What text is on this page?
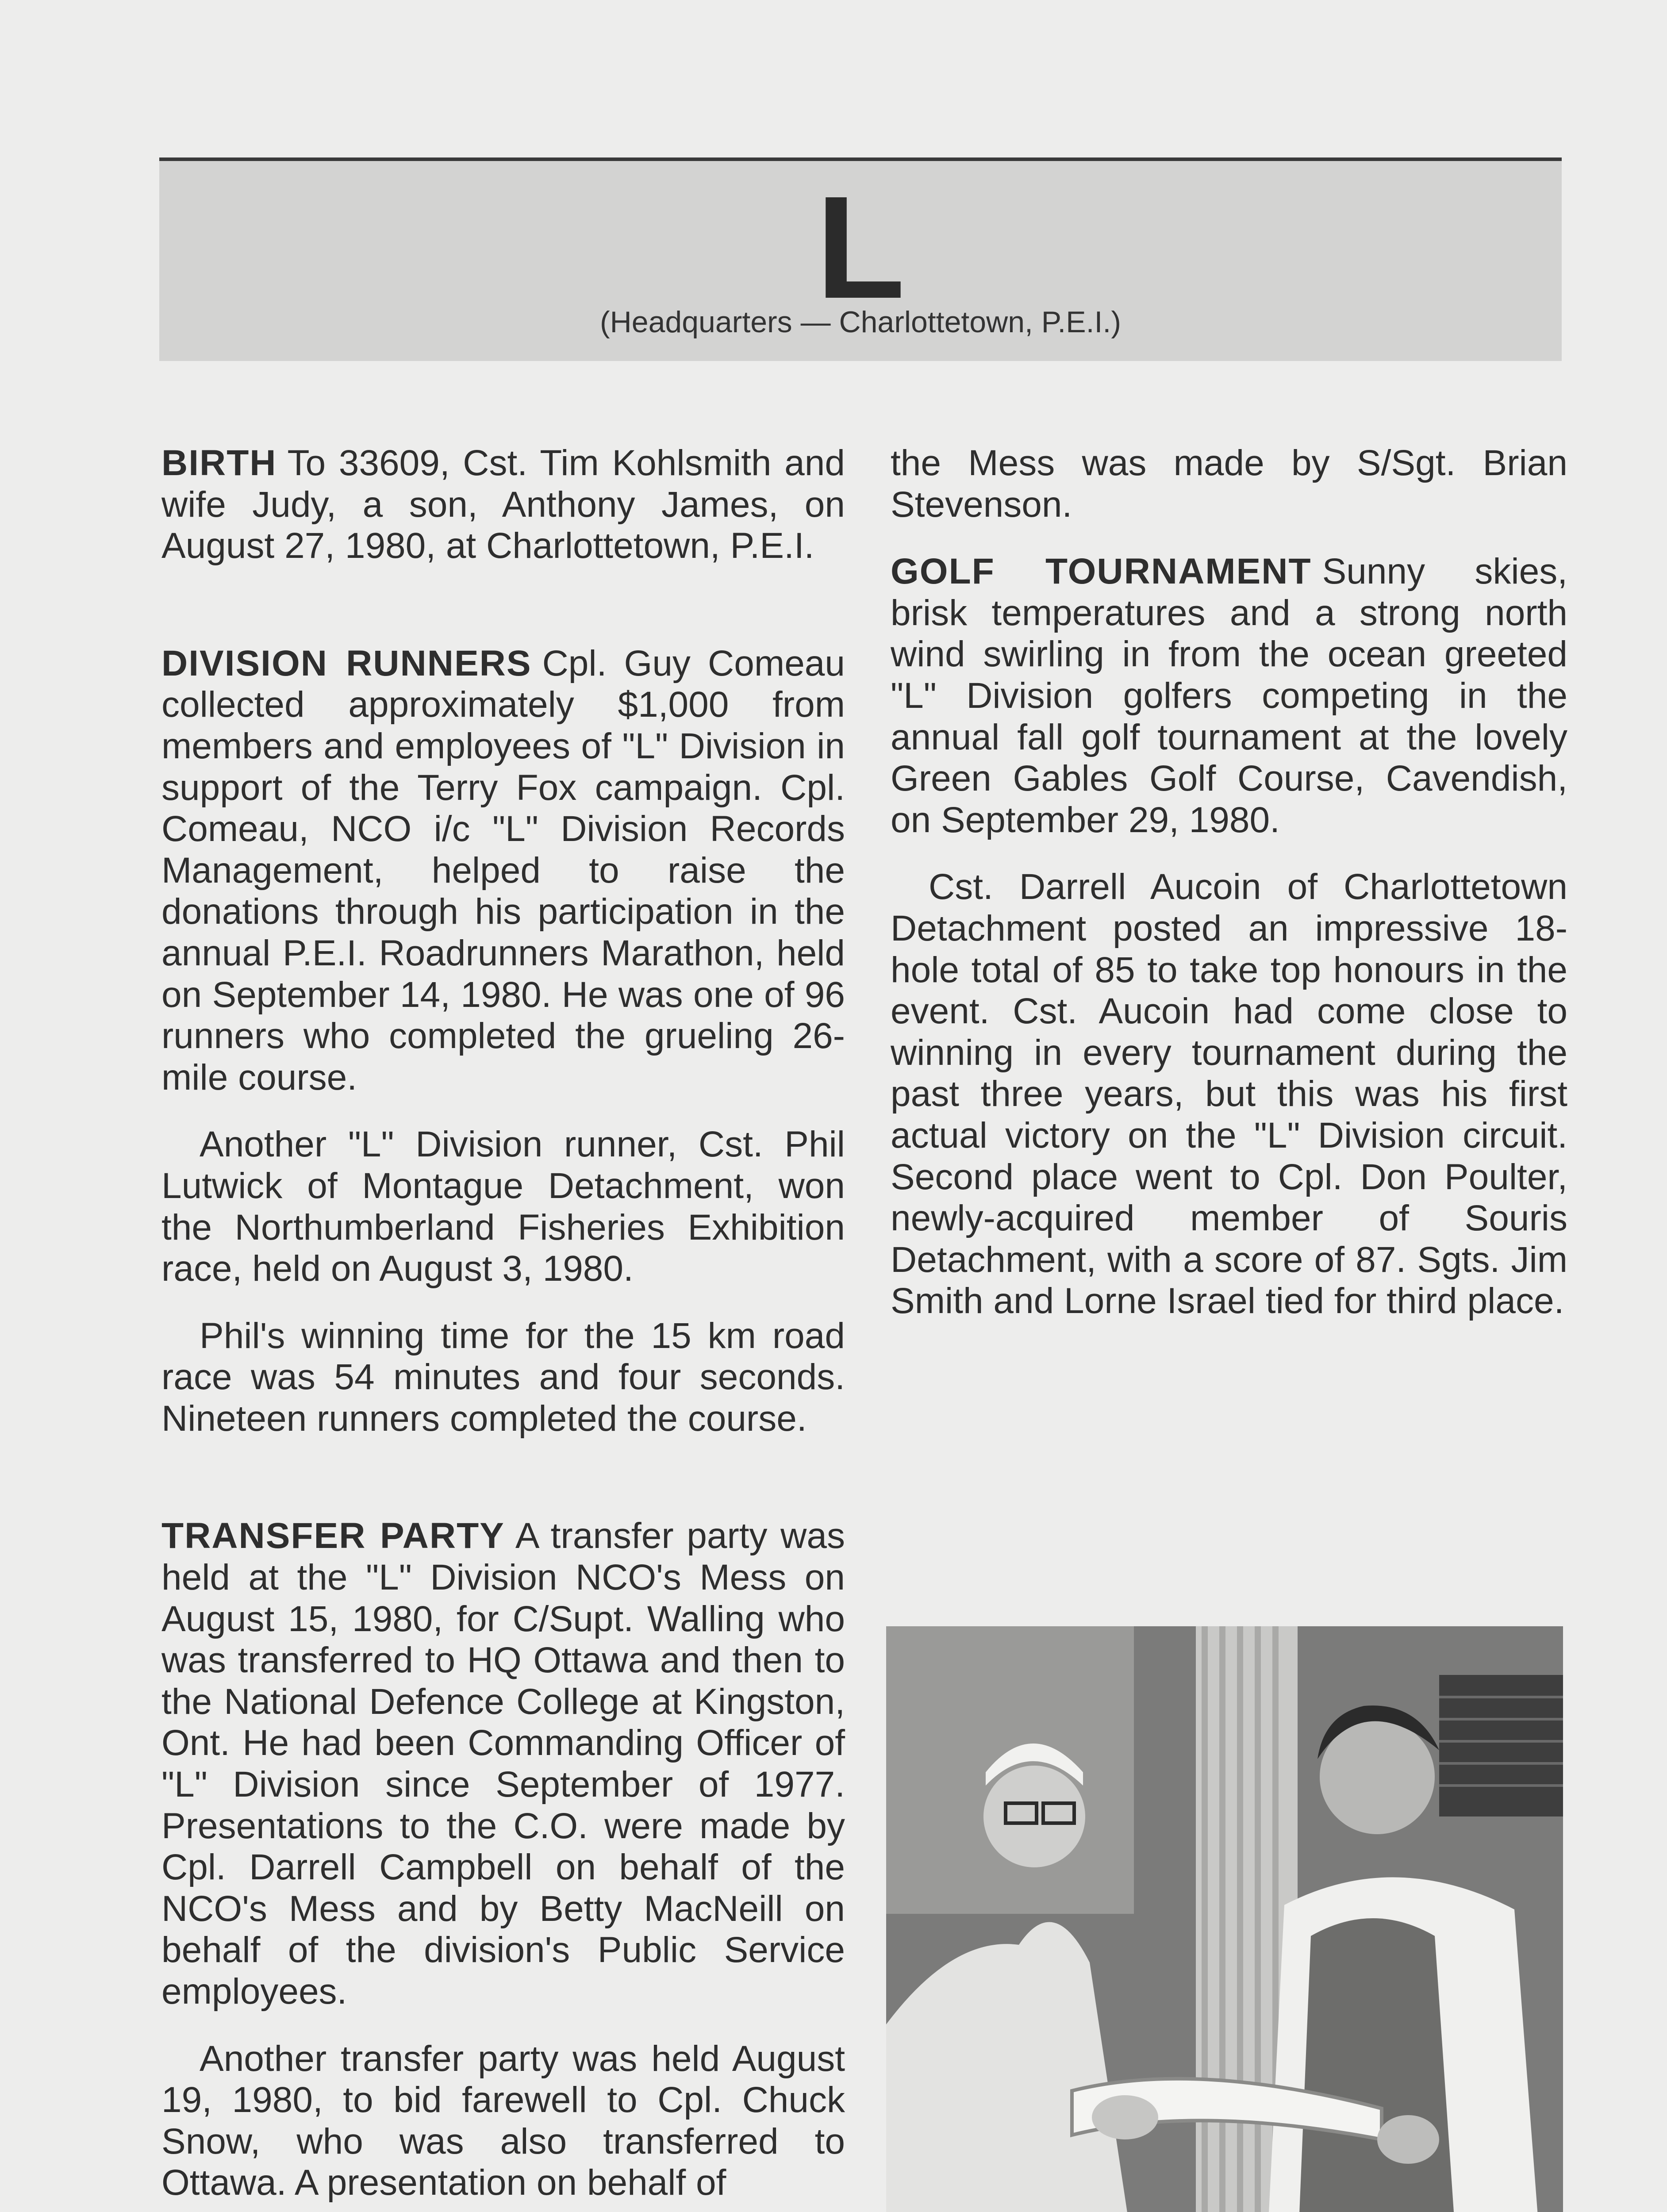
L
(Headquarters — Charlottetown, P.E.I.)

BIRTH To 33609, Cst. Tim Kohlsmith and wife Judy, a son, Anthony James, on August 27, 1980, at Charlottetown, P.E.I.

DIVISION RUNNERS Cpl. Guy Comeau collected approximately $1,000 from members and employees of "L" Division in support of the Terry Fox campaign. Cpl. Comeau, NCO i/c "L" Division Records Management, helped to raise the donations through his participation in the annual P.E.I. Roadrunners Marathon, held on September 14, 1980. He was one of 96 runners who completed the grueling 26-mile course.

Another "L" Division runner, Cst. Phil Lutwick of Montague Detachment, won the Northumberland Fisheries Exhibition race, held on August 3, 1980.

Phil's winning time for the 15 km road race was 54 minutes and four seconds. Nineteen runners completed the course.

TRANSFER PARTY A transfer party was held at the "L" Division NCO's Mess on August 15, 1980, for C/Supt. Walling who was transferred to HQ Ottawa and then to the National Defence College at Kingston, Ont. He had been Commanding Officer of "L" Division since September of 1977. Presentations to the C.O. were made by Cpl. Darrell Campbell on behalf of the NCO's Mess and by Betty MacNeill on behalf of the division's Public Service employees.

Another transfer party was held August 19, 1980, to bid farewell to Cpl. Chuck Snow, who was also transferred to Ottawa. A presentation on behalf of

the Mess was made by S/Sgt. Brian Stevenson.

GOLF TOURNAMENT Sunny skies, brisk temperatures and a strong north wind swirling in from the ocean greeted "L" Division golfers competing in the annual fall golf tournament at the lovely Green Gables Golf Course, Cavendish, on September 29, 1980.

Cst. Darrell Aucoin of Charlottetown Detachment posted an impressive 18-hole total of 85 to take top honours in the event. Cst. Aucoin had come close to winning in every tournament during the past three years, but this was his first actual victory on the "L" Division circuit. Second place went to Cpl. Don Poulter, newly-acquired member of Souris Detachment, with a score of 87. Sgts. Jim Smith and Lorne Israel tied for third place.
